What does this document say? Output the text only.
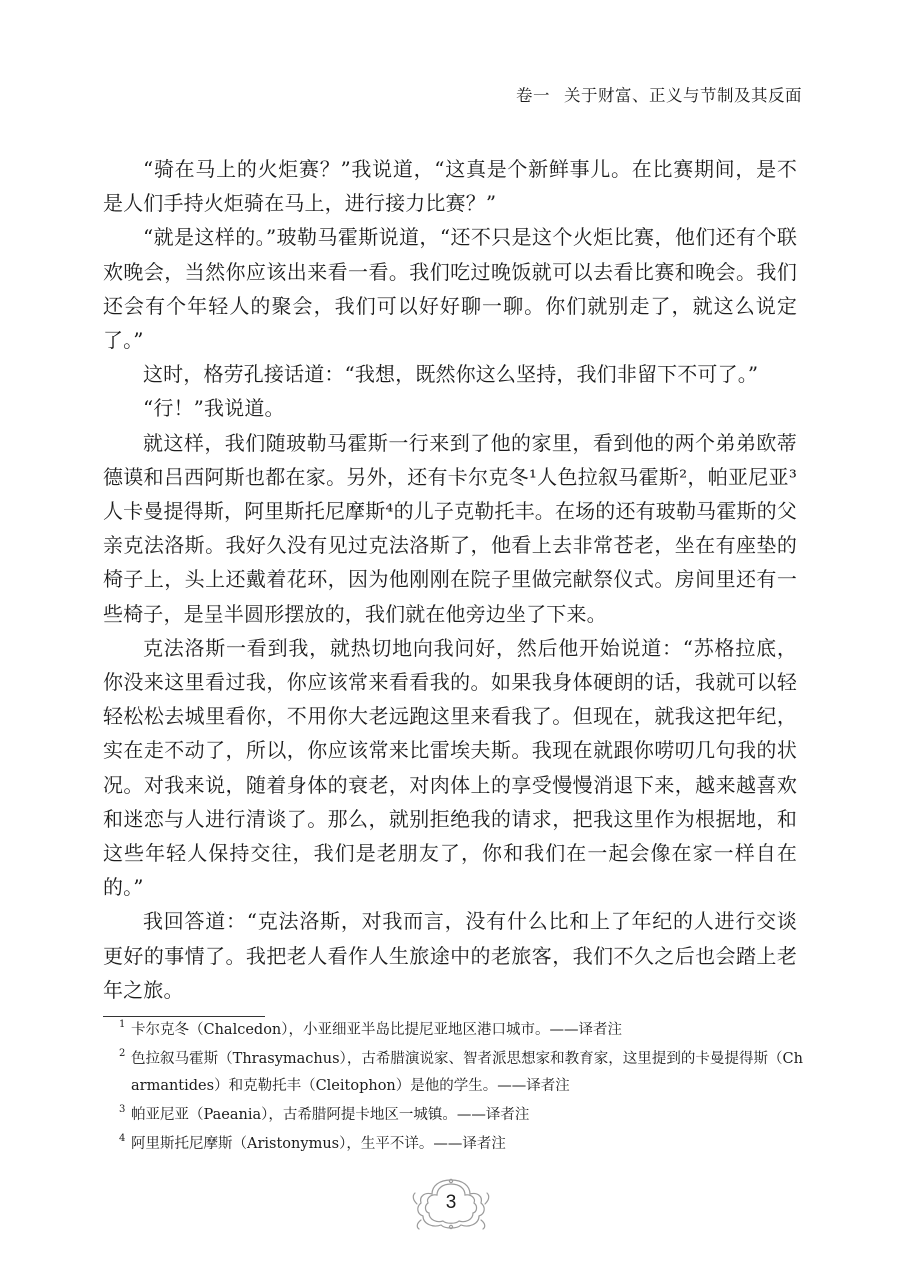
卷一 关于财富、正义与节制及其反面

“骑在马上的火炬赛？”我说道，“这真是个新鲜事儿。在比赛期间，是不是人们手持火炬骑在马上，进行接力比赛？”

“就是这样的。”玻勒马霍斯说道，“还不只是这个火炬比赛，他们还有个联欢晚会，当然你应该出来看一看。我们吃过晚饭就可以去看比赛和晚会。我们还会有个年轻人的聚会，我们可以好好聊一聊。你们就别走了，就这么说定了。”

这时，格劳孔接话道：“我想，既然你这么坚持，我们非留下不可了。”

“行！”我说道。

就这样，我们随玻勒马霍斯一行来到了他的家里，看到他的两个弟弟欧蒂德谟和吕西阿斯也都在家。另外，还有卡尔克冬¹人色拉叙马霍斯²，帕亚尼亚³人卡曼提得斯，阿里斯托尼摩斯⁴的儿子克勒托丰。在场的还有玻勒马霍斯的父亲克法洛斯。我好久没有见过克法洛斯了，他看上去非常苍老，坐在有座垫的椅子上，头上还戴着花环，因为他刚刚在院子里做完献祭仪式。房间里还有一些椅子，是呈半圆形摆放的，我们就在他旁边坐了下来。

克法洛斯一看到我，就热切地向我问好，然后他开始说道：“苏格拉底，你没来这里看过我，你应该常来看看我的。如果我身体硬朗的话，我就可以轻轻松松去城里看你，不用你大老远跑这里来看我了。但现在，就我这把年纪，实在走不动了，所以，你应该常来比雷埃夫斯。我现在就跟你唠叨几句我的状况。对我来说，随着身体的衰老，对肉体上的享受慢慢消退下来，越来越喜欢和迷恋与人进行清谈了。那么，就别拒绝我的请求，把我这里作为根据地，和这些年轻人保持交往，我们是老朋友了，你和我们在一起会像在家一样自在的。”

我回答道：“克法洛斯，对我而言，没有什么比和上了年纪的人进行交谈更好的事情了。我把老人看作人生旅途中的老旅客，我们不久之后也会踏上老年之旅。

1 卡尔克冬（Chalcedon），小亚细亚半岛比提尼亚地区港口城市。——译者注

2 色拉叙马霍斯（Thrasymachus），古希腊演说家、智者派思想家和教育家，这里提到的卡曼提得斯（Charmantides）和克勒托丰（Cleitophon）是他的学生。——译者注

3 帕亚尼亚（Paeania），古希腊阿提卡地区一城镇。——译者注

4 阿里斯托尼摩斯（Aristonymus），生平不详。——译者注

3
